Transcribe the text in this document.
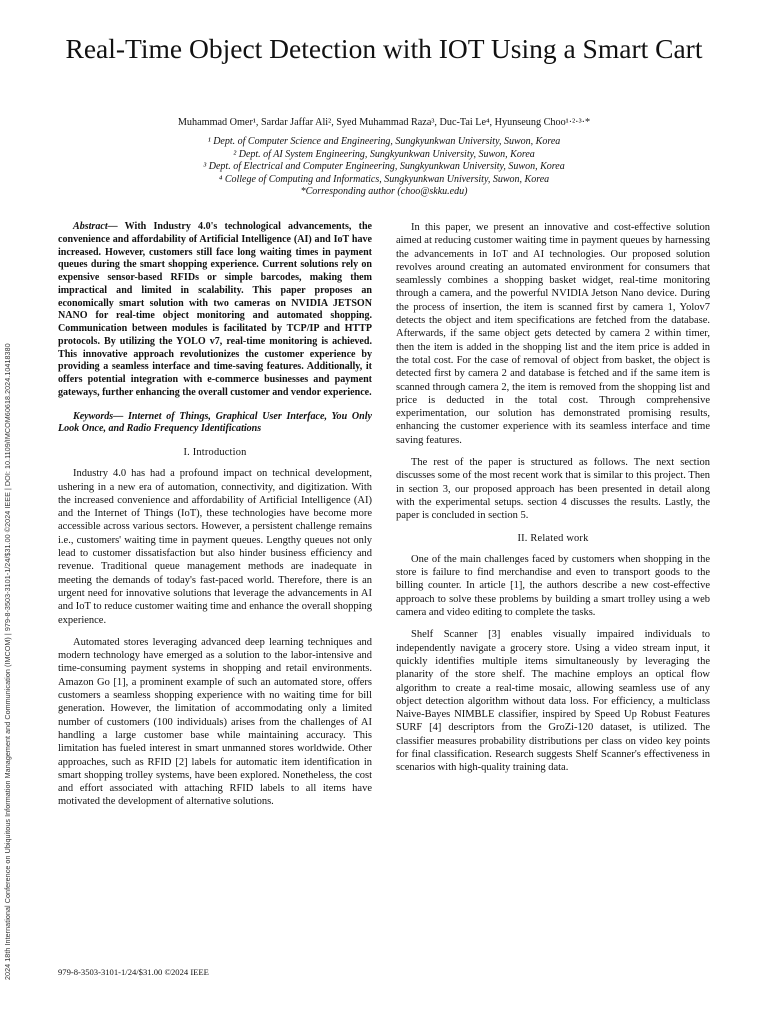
2024 18th International Conference on Ubiquitous Information Management and Communication (IMCOM) | 979-8-3503-3101-1/24/$31.00 ©2024 IEEE | DOI: 10.1109/IMCOM60618.2024.10418380
Real-Time Object Detection with IOT Using a Smart Cart
Muhammad Omer¹, Sardar Jaffar Ali², Syed Muhammad Raza³, Duc-Tai Le⁴, Hyunseung Choo¹·²·³·*
¹ Dept. of Computer Science and Engineering, Sungkyunkwan University, Suwon, Korea
² Dept. of AI System Engineering, Sungkyunkwan University, Suwon, Korea
³ Dept. of Electrical and Computer Engineering, Sungkyunkwan University, Suwon, Korea
⁴ College of Computing and Informatics, Sungkyunkwan University, Suwon, Korea
*Corresponding author (choo@skku.edu)

Abstract— With Industry 4.0's technological advancements, the convenience and affordability of Artificial Intelligence (AI) and IoT have increased. However, customers still face long waiting times in payment queues during the smart shopping experience. Current solutions rely on expensive sensor-based RFIDs or simple barcodes, making them impractical and limited in scalability. This paper proposes an economically smart solution with two cameras on NVIDIA JETSON NANO for real-time object monitoring and automated shopping. Communication between modules is facilitated by TCP/IP and HTTP protocols. By utilizing the YOLO v7, real-time monitoring is achieved. This innovative approach revolutionizes the customer experience by providing a seamless interface and time-saving features. Additionally, it offers potential integration with e-commerce businesses and payment gateways, further enhancing the overall customer and vendor experience.

Keywords— Internet of Things, Graphical User Interface, You Only Look Once, and Radio Frequency Identifications

I. Introduction

Industry 4.0 has had a profound impact on technical development, ushering in a new era of automation, connectivity, and digitization. With the increased convenience and affordability of Artificial Intelligence (AI) and the Internet of Things (IoT), these technologies have become more accessible across various sectors. However, a persistent challenge remains i.e., customers' waiting time in payment queues. Lengthy queues not only lead to customer dissatisfaction but also hinder business efficiency and revenue. Traditional queue management methods are inadequate in meeting the demands of today's fast-paced world. Therefore, there is an urgent need for innovative solutions that leverage the advancements in AI and IoT to reduce customer waiting time and enhance the overall shopping experience.

Automated stores leveraging advanced deep learning techniques and modern technology have emerged as a solution to the labor-intensive and time-consuming payment systems in shopping and retail environments. Amazon Go [1], a prominent example of such an automated store, offers customers a seamless shopping experience with no waiting time for bill generation. However, the limitation of accommodating only a limited number of customers (100 individuals) arises from the challenges of AI handling a large customer base while maintaining accuracy. This limitation has fueled interest in smart unmanned stores worldwide. Other approaches, such as RFID [2] labels for automatic item identification in smart shopping trolley systems, have been explored. Nonetheless, the cost and effort associated with attaching RFID labels to all items have motivated the development of alternative solutions.

In this paper, we present an innovative and cost-effective solution aimed at reducing customer waiting time in payment queues by harnessing the advancements in IoT and AI technologies. Our proposed solution revolves around creating an automated environment for consumers that seamlessly combines a shopping basket widget, real-time monitoring through a camera, and the powerful NVIDIA Jetson Nano device. During the process of insertion, the item is scanned first by camera 1, Yolov7 detects the object and item specifications are fetched from the database. Afterwards, if the same object gets detected by camera 2 within timer, then the item is added in the shopping list and the item price is added in the total cost. For the case of removal of object from basket, the object is detected first by camera 2 and database is fetched and if the same item is scanned through camera 2, the item is removed from the shopping list and price is deducted in the total cost. Through comprehensive experimentation, our solution has demonstrated promising results, enhancing the customer experience with its seamless interface and time saving features.

The rest of the paper is structured as follows. The next section discusses some of the most recent work that is similar to this project. Then in section 3, our proposed approach has been presented in detail along with the experimental setups. section 4 discusses the results. Lastly, the paper is concluded in section 5.

II. Related work

One of the main challenges faced by customers when shopping in the store is failure to find merchandise and even to transport goods to the billing counter. In article [1], the authors describe a new cost-effective approach to solve these problems by building a smart trolley using a web camera and video editing to complete the tasks.

Shelf Scanner [3] enables visually impaired individuals to independently navigate a grocery store. Using a video stream input, it quickly identifies multiple items simultaneously by leveraging the planarity of the store shelf. The machine employs an optical flow algorithm to create a real-time mosaic, allowing seamless use of any object detection algorithm without data loss. For efficiency, a multiclass Naive-Bayes NIMBLE classifier, inspired by Speed Up Robust Features SURF [4] descriptors from the GroZi-120 dataset, is utilized. The classifier measures probability distributions per class on video key points for final classification. Research suggests Shelf Scanner's effectiveness in scenarios with high-quality training data.

979-8-3503-3101-1/24/$31.00 ©2024 IEEE
